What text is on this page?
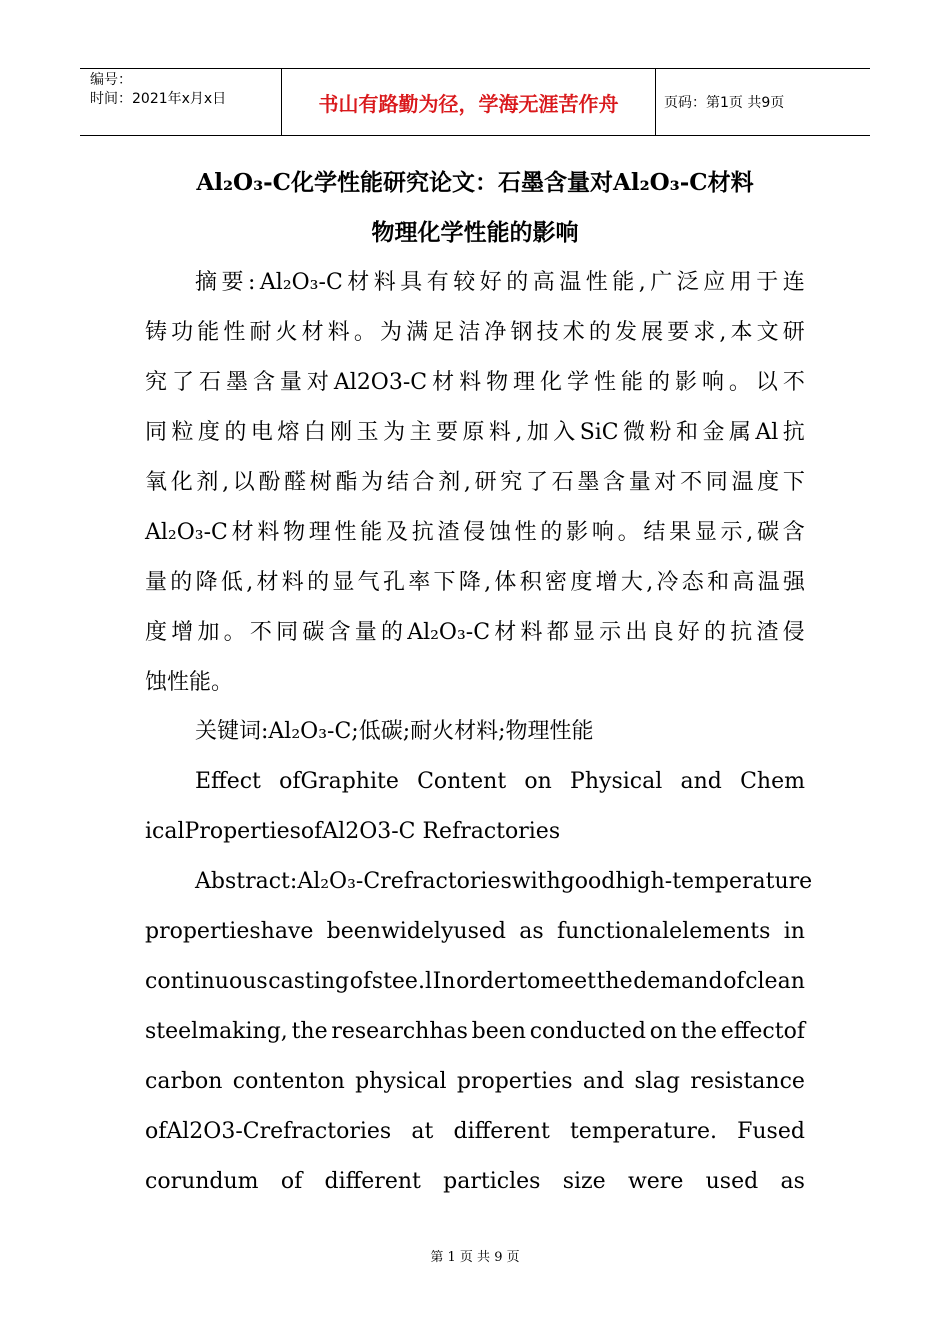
编号：
时间：2021年x月x日	书山有路勤为径，学海无涯苦作舟	页码：第1页 共9页
Al₂O₃-C化学性能研究论文：石墨含量对Al₂O₃-C材料
物理化学性能的影响
摘 要 : Al₂O₃-C 材 料 具 有 较 好 的 高 温 性 能 , 广 泛 应 用 于 连
铸 功 能 性 耐 火 材 料 。 为 满 足 洁 净 钢 技 术 的 发 展 要 求 , 本 文 研
究 了 石 墨 含 量 对 Al2O3-C 材 料 物 理 化 学 性 能 的 影 响 。 以 不
同 粒 度 的 电 熔 白 刚 玉 为 主 要 原 料 , 加 入 SiC 微 粉 和 金 属 Al 抗
氧 化 剂 , 以 酚 醛 树 酯 为 结 合 剂 , 研 究 了 石 墨 含 量 对 不 同 温 度 下
Al₂O₃-C 材 料 物 理 性 能 及 抗 渣 侵 蚀 性 的 影 响 。 结 果 显 示 , 碳 含
量 的 降 低 , 材 料 的 显 气 孔 率 下 降 , 体 积 密 度 增 大 , 冷 态 和 高 温 强
度 增 加 。 不 同 碳 含 量 的 Al₂O₃-C 材 料 都 显 示 出 良 好 的 抗 渣 侵
蚀性能。
关键词:Al₂O₃-C;低碳;耐火材料;物理性能
Effect ofGraphite Content on Physical and Chem
icalPropertiesofAl2O3-C Refractories
Abstract: Al₂O₃-C refractorieswith good high-temperature
propertieshave beenwidelyused as functionalelements in
continuous casting of stee.l In order tomeet the demand of clean
steelmaking, the researchhas been conducted on the effectof
carbon contenton physical properties and slag resistance
ofAl2O3-Crefractories at different temperature. Fused
corundum of different particles size were used as
第 1 页 共 9 页
